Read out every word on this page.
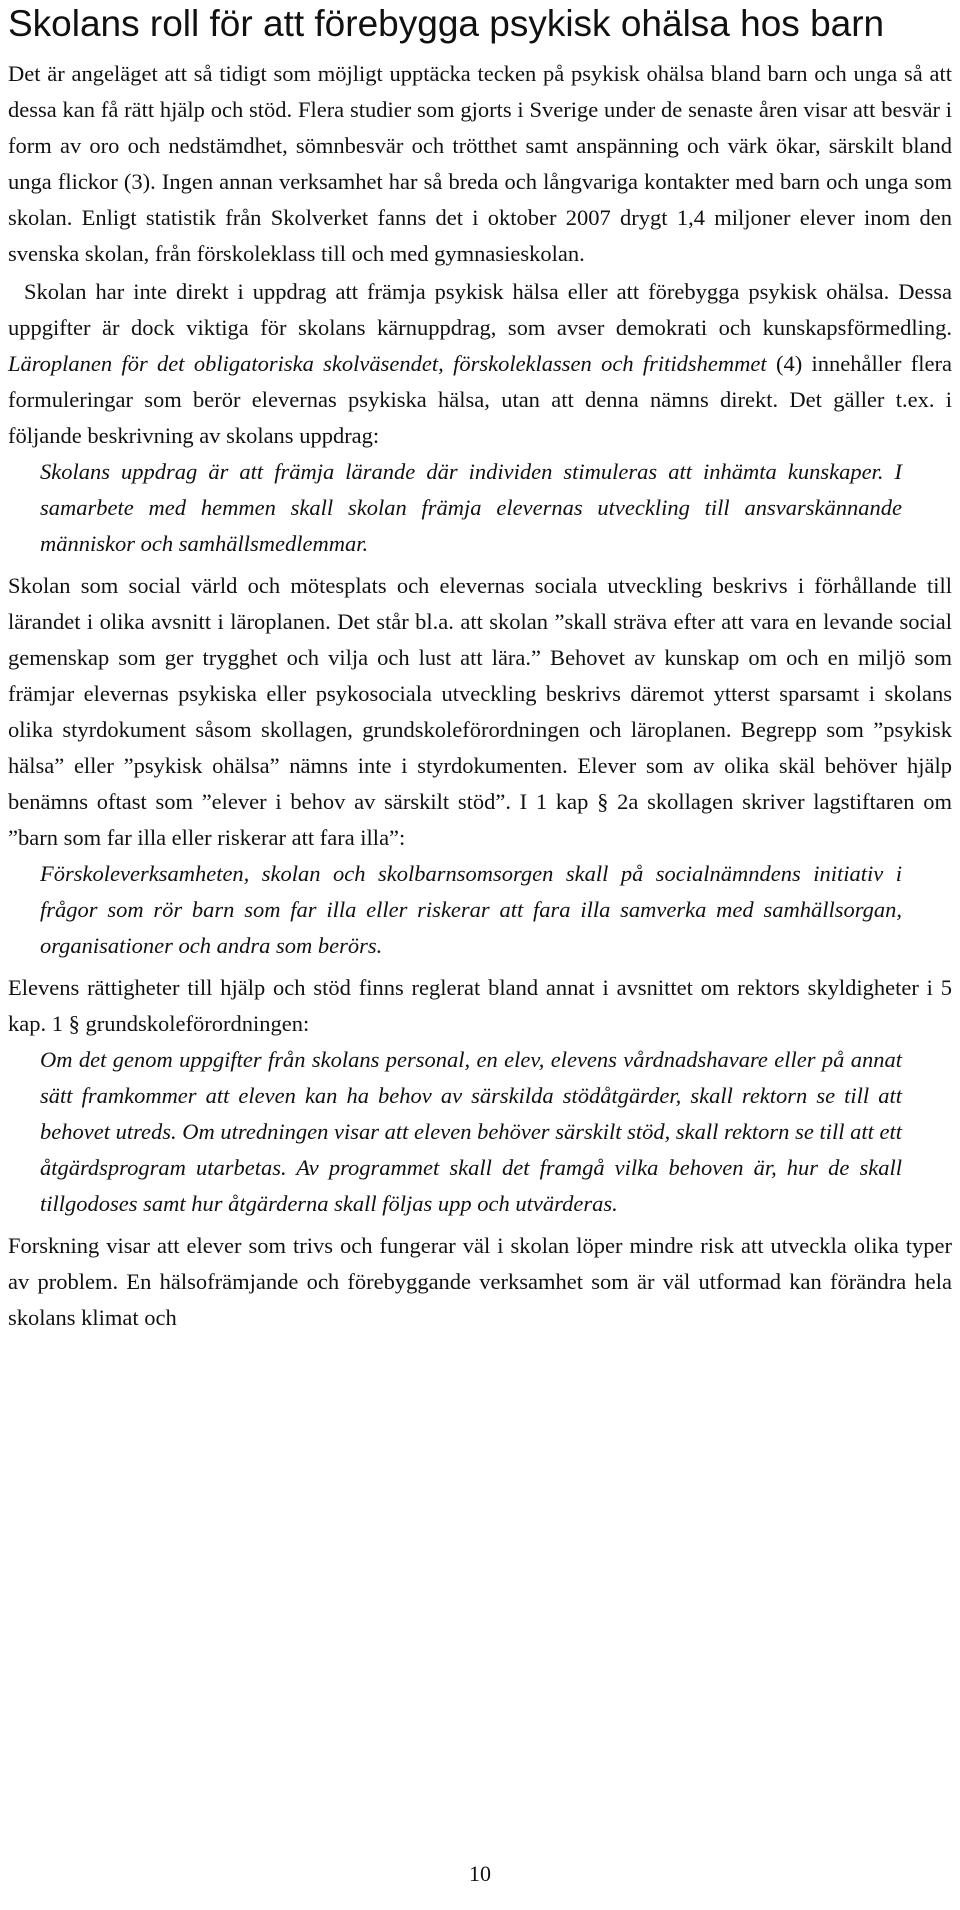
Skolans roll för att förebygga psykisk ohälsa hos barn

Det är angeläget att så tidigt som möjligt upptäcka tecken på psykisk ohälsa bland barn och unga så att dessa kan få rätt hjälp och stöd. Flera studier som gjorts i Sverige under de senaste åren visar att besvär i form av oro och nedstämdhet, sömnbesvär och trötthet samt anspänning och värk ökar, särskilt bland unga flickor (3). Ingen annan verksamhet har så breda och långvariga kontakter med barn och unga som skolan. Enligt statistik från Skolverket fanns det i oktober 2007 drygt 1,4 miljoner elever inom den svenska skolan, från förskoleklass till och med gymnasieskolan.

Skolan har inte direkt i uppdrag att främja psykisk hälsa eller att förebygga psykisk ohälsa. Dessa uppgifter är dock viktiga för skolans kärnuppdrag, som avser demokrati och kunskapsförmedling. Läroplanen för det obligatoriska skolväsendet, förskoleklassen och fritidshemmet (4) innehåller flera formuleringar som berör elevernas psykiska hälsa, utan att denna nämns direkt. Det gäller t.ex. i följande beskrivning av skolans uppdrag:

Skolans uppdrag är att främja lärande där individen stimuleras att inhämta kunskaper. I samarbete med hemmen skall skolan främja elevernas utveckling till ansvarskännande människor och samhällsmedlemmar.

Skolan som social värld och mötesplats och elevernas sociala utveckling beskrivs i förhållande till lärandet i olika avsnitt i läroplanen. Det står bl.a. att skolan ”skall sträva efter att vara en levande social gemenskap som ger trygghet och vilja och lust att lära.” Behovet av kunskap om och en miljö som främjar elevernas psykiska eller psykosociala utveckling beskrivs däremot ytterst sparsamt i skolans olika styrdokument såsom skollagen, grundskoleförordningen och läroplanen. Begrepp som ”psykisk hälsa” eller ”psykisk ohälsa” nämns inte i styrdokumenten. Elever som av olika skäl behöver hjälp benämns oftast som ”elever i behov av särskilt stöd”. I 1 kap § 2a skollagen skriver lagstiftaren om ”barn som far illa eller riskerar att fara illa”:

Förskoleverksamheten, skolan och skolbarnsomsorgen skall på socialnämndens initiativ i frågor som rör barn som far illa eller riskerar att fara illa samverka med samhällsorgan, organisationer och andra som berörs.

Elevens rättigheter till hjälp och stöd finns reglerat bland annat i avsnittet om rektors skyldigheter i 5 kap. 1 § grundskoleförordningen:

Om det genom uppgifter från skolans personal, en elev, elevens vårdnadshavare eller på annat sätt framkommer att eleven kan ha behov av särskilda stödåtgärder, skall rektorn se till att behovet utreds. Om utredningen visar att eleven behöver särskilt stöd, skall rektorn se till att ett åtgärdsprogram utarbetas. Av programmet skall det framgå vilka behoven är, hur de skall tillgodoses samt hur åtgärderna skall följas upp och utvärderas.

Forskning visar att elever som trivs och fungerar väl i skolan löper mindre risk att utveckla olika typer av problem. En hälsofrämjande och förebyggande verksamhet som är väl utformad kan förändra hela skolans klimat och

10
